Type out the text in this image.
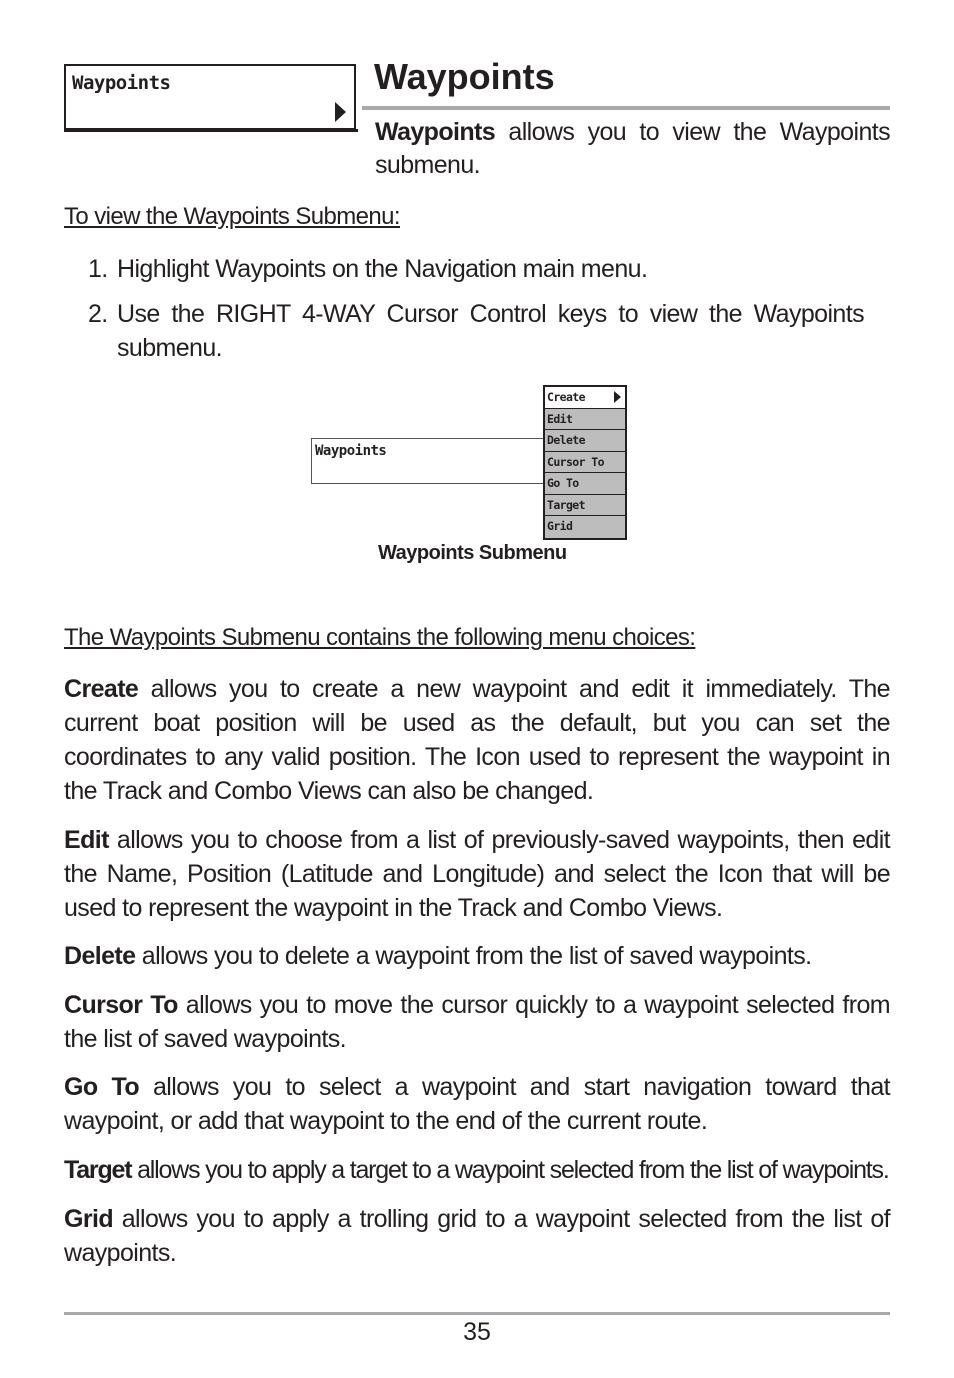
Waypoints	Waypoints

Waypoints allows you to view the Waypoints submenu.

To view the Waypoints Submenu:
1. Highlight Waypoints on the Navigation main menu.
2. Use the RIGHT 4-WAY Cursor Control keys to view the Waypoints submenu.
Waypoints
Create
Edit
Delete
Cursor To
Go To
Target
Grid

Waypoints Submenu

The Waypoints Submenu contains the following menu choices:

Create allows you to create a new waypoint and edit it immediately. The current boat position will be used as the default, but you can set the coordinates to any valid position. The Icon used to represent the waypoint in the Track and Combo Views can also be changed.

Edit allows you to choose from a list of previously-saved waypoints, then edit the Name, Position (Latitude and Longitude) and select the Icon that will be used to represent the waypoint in the Track and Combo Views.

Delete allows you to delete a waypoint from the list of saved waypoints.

Cursor To allows you to move the cursor quickly to a waypoint selected from the list of saved waypoints.

Go To allows you to select a waypoint and start navigation toward that waypoint, or add that waypoint to the end of the current route.

Target allows you to apply a target to a waypoint selected from the list of waypoints.

Grid allows you to apply a trolling grid to a waypoint selected from the list of waypoints.

35
